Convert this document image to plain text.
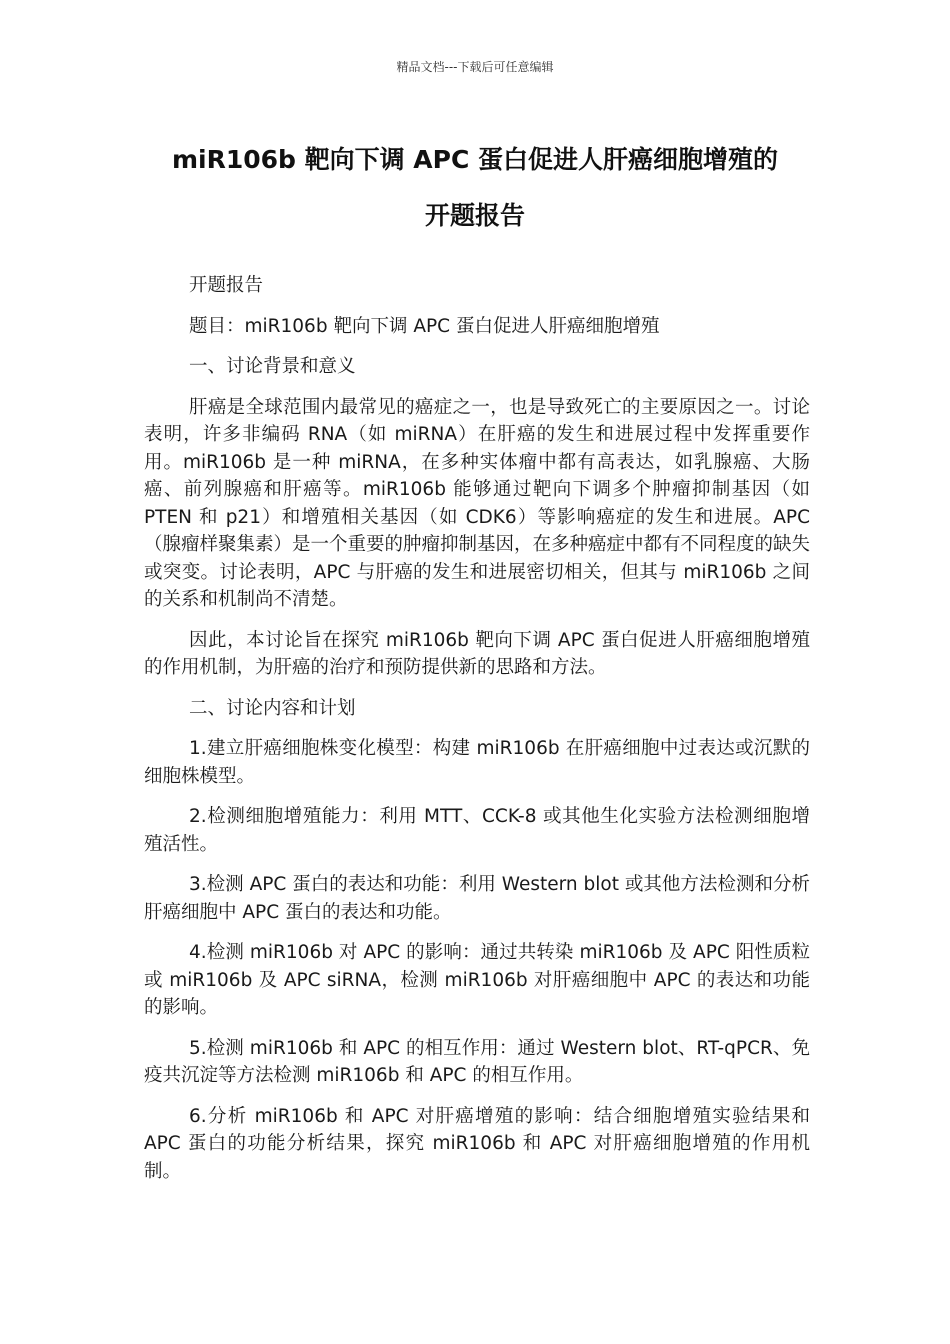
精品文档---下载后可任意编辑
miR106b 靶向下调 APC 蛋白促进人肝癌细胞增殖的
开题报告

开题报告

题目：miR106b 靶向下调 APC 蛋白促进人肝癌细胞增殖

一、讨论背景和意义

肝癌是全球范围内最常见的癌症之一，也是导致死亡的主要原因之一。讨论表明，许多非编码 RNA（如 miRNA）在肝癌的发生和进展过程中发挥重要作用。miR106b 是一种 miRNA，在多种实体瘤中都有高表达，如乳腺癌、大肠癌、前列腺癌和肝癌等。miR106b 能够通过靶向下调多个肿瘤抑制基因（如 PTEN 和 p21）和增殖相关基因（如 CDK6）等影响癌症的发生和进展。APC（腺瘤样聚集素）是一个重要的肿瘤抑制基因，在多种癌症中都有不同程度的缺失或突变。讨论表明，APC 与肝癌的发生和进展密切相关，但其与 miR106b 之间的关系和机制尚不清楚。

因此，本讨论旨在探究 miR106b 靶向下调 APC 蛋白促进人肝癌细胞增殖的作用机制，为肝癌的治疗和预防提供新的思路和方法。

二、讨论内容和计划

1.建立肝癌细胞株变化模型：构建 miR106b 在肝癌细胞中过表达或沉默的细胞株模型。

2.检测细胞增殖能力：利用 MTT、CCK-8 或其他生化实验方法检测细胞增殖活性。

3.检测 APC 蛋白的表达和功能：利用 Western blot 或其他方法检测和分析肝癌细胞中 APC 蛋白的表达和功能。

4.检测 miR106b 对 APC 的影响：通过共转染 miR106b 及 APC 阳性质粒或 miR106b 及 APC siRNA，检测 miR106b 对肝癌细胞中 APC 的表达和功能的影响。

5.检测 miR106b 和 APC 的相互作用：通过 Western blot、RT-qPCR、免疫共沉淀等方法检测 miR106b 和 APC 的相互作用。

6.分析 miR106b 和 APC 对肝癌增殖的影响：结合细胞增殖实验结果和 APC 蛋白的功能分析结果，探究 miR106b 和 APC 对肝癌细胞增殖的作用机制。
